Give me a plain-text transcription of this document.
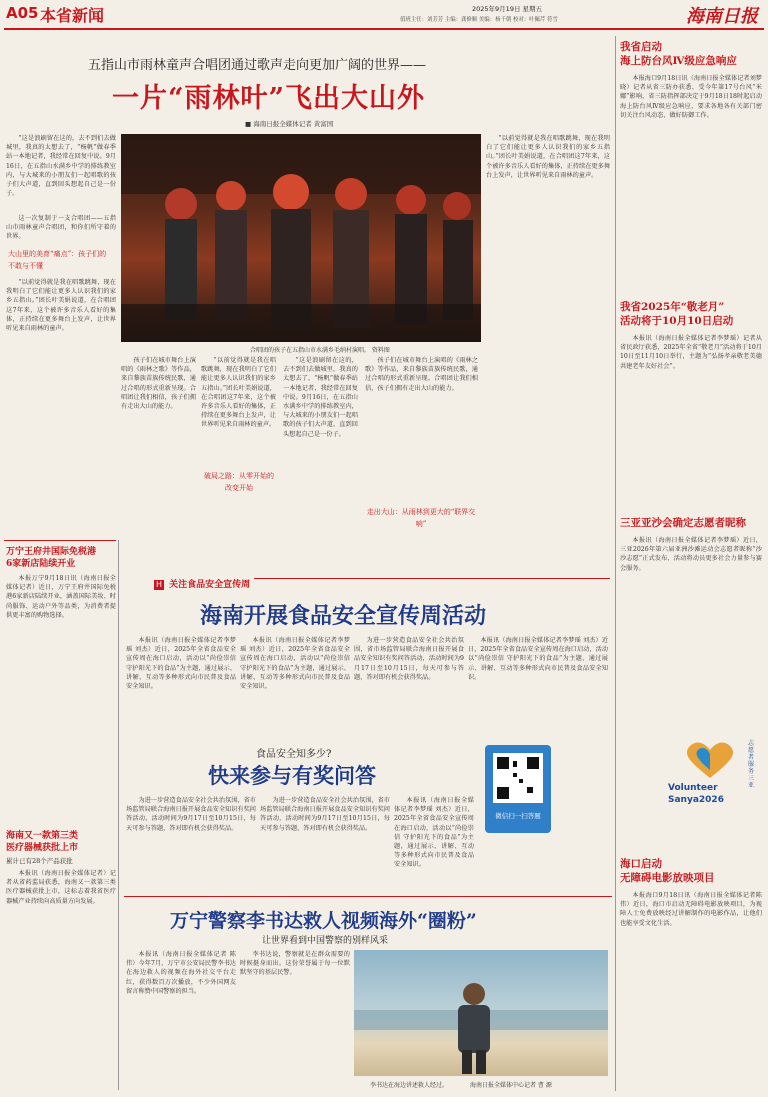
A05 本省新闻	2025年9月19日 星期五
值班主任：刘芳芳 主编：龚修顺 美编：杨千朝 校对：叶佩芹 符雪	海南日报
五指山市雨林童声合唱团通过歌声走向更加广阔的世界——
一片“雨林叶”飞出大山外
■ 海南日报全媒体记者 黄富国

“这是浪刷留在这的，去不到们去做城里，我真的太想去了，“杨帆”做春季站一本地记者，我经常在回复中说。9月16日，在五指山水满乡中学的排练教室内，与大城来的小朋友们一起唱歌的孩子们大声道，直到回头想起自己是一份子。

这一次复制于一支合唱团——五指山市雨林童声合唱团，和你们所守着的世界。

大山里的美育“痛点”：孩子们的不敢与不懂

“以前觉得就是我在唱歌跳舞，现在我明白了它们能让更多人认识我们的家乡五指山。”团长叶美娟说道，在合唱团这7年来，这个被许多音乐人看好的集体，正持续在更多舞台上发声，让世界听见来自雨林的童声。

合唱团的孩子在五指山市水满乡毛纳村演唱。 资料图

孩子们在城市舞台上演唱的《雨林之歌》等作品，来自黎族苗族传统民歌，通过合唱的形式重新呈现。合唱团让我们相信，孩子们拥有走出大山的能力。

破局之路：从零开始的改变开始

“以前觉得就是我在唱歌跳舞，现在我明白了它们能让更多人认识我们的家乡五指山。”团长叶美娟说道，在合唱团这7年来，这个被许多音乐人看好的集体，正持续在更多舞台上发声，让世界听见来自雨林的童声。

“这是浪刷留在这的，去不到们去做城里，我真的太想去了，“杨帆”做春季站一本地记者，我经常在回复中说。9月16日，在五指山水满乡中学的排练教室内，与大城来的小朋友们一起唱歌的孩子们大声道，直到回头想起自己是一份子。

孩子们在城市舞台上演唱的《雨林之歌》等作品，来自黎族苗族传统民歌，通过合唱的形式重新呈现。合唱团让我们相信，孩子们拥有走出大山的能力。

走出大山：从雨林到更大的“联界交响”

“以前觉得就是我在唱歌跳舞，现在我明白了它们能让更多人认识我们的家乡五指山。”团长叶美娟说道，在合唱团这7年来，这个被许多音乐人看好的集体，正持续在更多舞台上发声，让世界听见来自雨林的童声。

我省启动
海上防台风Ⅳ级应急响应

本报海口9月18日讯（海南日报全媒体记者刘梦晓）记者从省三防办获悉，受今年第17号台风“米娜”影响，省三防指挥部决定于9月18日18时起启动海上防台风Ⅳ级应急响应，要求各地各有关部门密切关注台风动态，做好防御工作。

我省2025年“敬老月”
活动将于10月10日启动

本报讯（海南日报全媒体记者李梦瑶）记者从省民政厅获悉，2025年全省“敬老月”活动将于10月10日至11月10日举行，主题为“弘扬孝亲敬老美德 共建老年友好社会”。

三亚亚沙会确定志愿者昵称

本报讯（海南日报全媒体记者李梦瑶）近日，三亚2026年第六届亚洲沙滩运动会志愿者昵称“沙沙志愿”正式发布，活动将动员更多社会力量参与赛会服务。

Volunteer
Sanya2026
志愿者服务三亚
海口启动
无障碍电影放映项目

本报海口9月18日讯（海南日报全媒体记者陈伟）近日，海口市启动无障碍电影放映项目，为视障人士免费放映经过讲解制作的电影作品，让他们也能享受文化生活。

万宁王府井国际免税港
6家新店陆续开业

本报万宁9月18日讯（海南日报全媒体记者）近日，万宁王府井国际免税港6家新店陆续开业，涵盖国际美妆、时尚服饰、运动户外等品类，为消费者提供更丰富的购物选择。

海南又一款第三类
医疗器械获批上市
累计已有28个产品获批

本报讯（海南日报全媒体记者）记者从省药监局获悉，海南又一款第三类医疗器械获批上市，这标志着我省医疗器械产业持续向高质量方向发展。

H 关注食品安全宣传周
海南开展食品安全宣传周活动

本报讯（海南日报全媒体记者李梦瑶 刘杰）近日，2025年全省食品安全宣传周在海口启动，活动以“尚俭崇信 守护阳光下的食品”为主题，通过展示、讲解、互动等多种形式向市民普及食品安全知识。

本报讯（海南日报全媒体记者李梦瑶 刘杰）近日，2025年全省食品安全宣传周在海口启动，活动以“尚俭崇信 守护阳光下的食品”为主题，通过展示、讲解、互动等多种形式向市民普及食品安全知识。

为进一步营造食品安全社会共治氛围，省市场监管局联合海南日报开展食品安全知识有奖问答活动，活动时间为9月17日至10月15日，每天可参与答题，答对即有机会获得奖品。

本报讯（海南日报全媒体记者李梦瑶 刘杰）近日，2025年全省食品安全宣传周在海口启动，活动以“尚俭崇信 守护阳光下的食品”为主题，通过展示、讲解、互动等多种形式向市民普及食品安全知识。

食品安全知多少?
快来参与有奖问答

为进一步营造食品安全社会共治氛围，省市场监管局联合海南日报开展食品安全知识有奖问答活动，活动时间为9月17日至10月15日，每天可参与答题，答对即有机会获得奖品。

为进一步营造食品安全社会共治氛围，省市场监管局联合海南日报开展食品安全知识有奖问答活动，活动时间为9月17日至10月15日，每天可参与答题，答对即有机会获得奖品。

本报讯（海南日报全媒体记者李梦瑶 刘杰）近日，2025年全省食品安全宣传周在海口启动，活动以“尚俭崇信 守护阳光下的食品”为主题，通过展示、讲解、互动等多种形式向市民普及食品安全知识。

微信扫一扫答题
万宁警察李书达救人视频海外“圈粉”
让世界看到中国警察的别样风采

本报讯（海南日报全媒体记者 陈伟）今年7月，万宁市公安局民警李书达在海边救人的视频在海外社交平台走红，获得数百万次播放，不少外国网友留言称赞中国警察的担当。

李书达说，警察就是在群众需要的时候挺身而出。这份荣誉属于每一位默默坚守的基层民警。

李书达在海边讲述救人经过。	海南日报全媒体中心记者 曹 源
